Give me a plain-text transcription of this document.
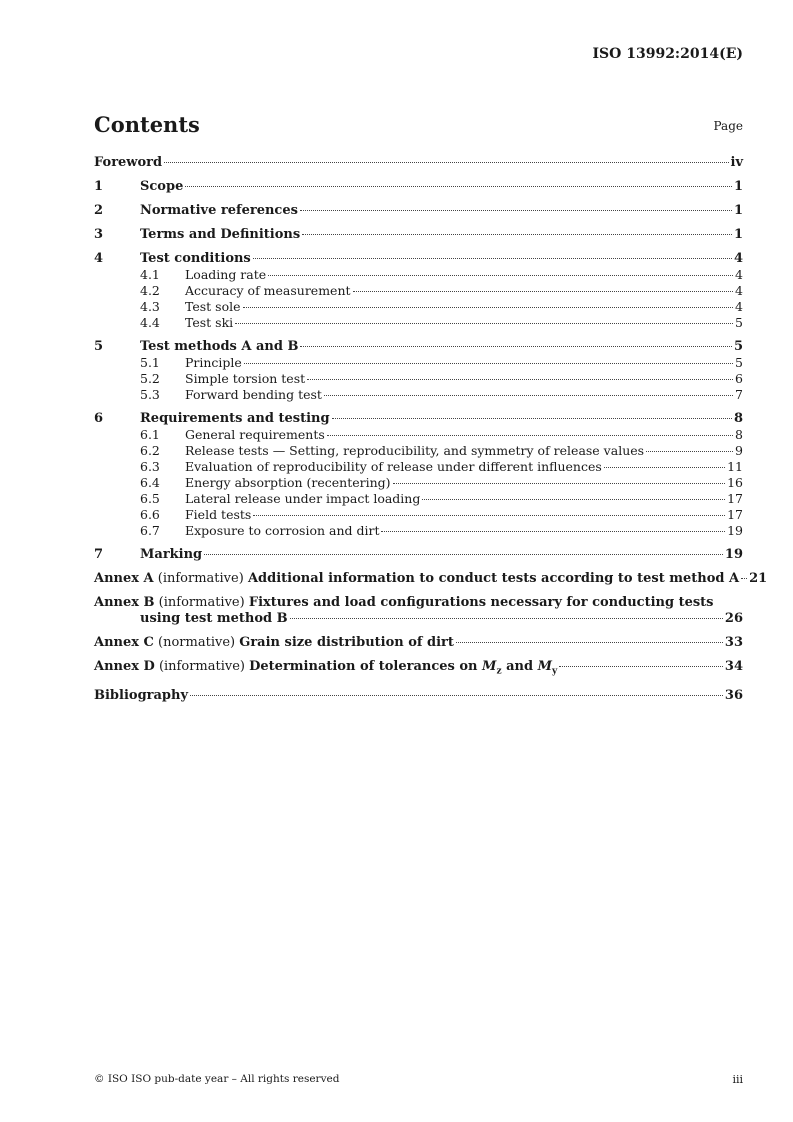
ISO 13992:2014(E)
Contents	Page
Foreword	iv
1	Scope	1
2	Normative references	1
3	Terms and Definitions	1
4	Test conditions	4
4.1	Loading rate	4
4.2	Accuracy of measurement	4
4.3	Test sole	4
4.4	Test ski	5
5	Test methods A and B	5
5.1	Principle	5
5.2	Simple torsion test	6
5.3	Forward bending test	7
6	Requirements and testing	8
6.1	General requirements	8
6.2	Release tests — Setting, reproducibility, and symmetry of release values	9
6.3	Evaluation of reproducibility of release under different influences	11
6.4	Energy absorption (recentering)	16
6.5	Lateral release under impact loading	17
6.6	Field tests	17
6.7	Exposure to corrosion and dirt	19
7	Marking	19
Annex A (informative) Additional information to conduct tests according to test method A 21
Annex B (informative) Fixtures and load configurations necessary for conducting tests
using test method B	26
Annex C (normative) Grain size distribution of dirt	33
Annex D (informative) Determination of tolerances on $M_z$ and $M_y$	34
Bibliography	36
© ISO ISO pub-date year – All rights reserved	iii
